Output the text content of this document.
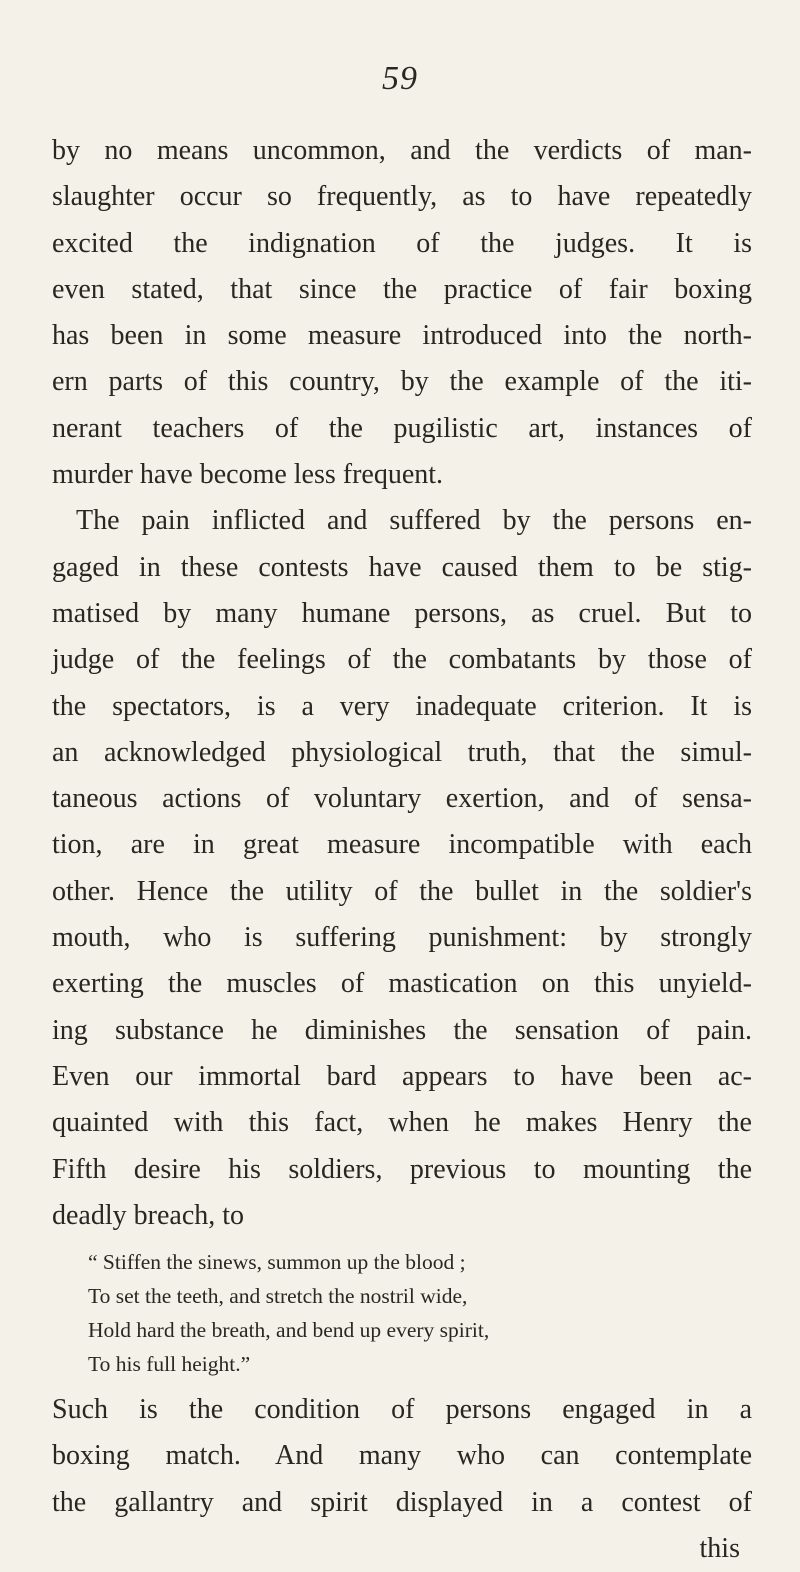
59
by no means uncommon, and the verdicts of man-
slaughter occur so frequently, as to have repeatedly
excited the indignation of the judges. It is
even stated, that since the practice of fair boxing
has been in some measure introduced into the north-
ern parts of this country, by the example of the iti-
nerant teachers of the pugilistic art, instances of
murder have become less frequent.
The pain inflicted and suffered by the persons en-
gaged in these contests have caused them to be stig-
matised by many humane persons, as cruel. But to
judge of the feelings of the combatants by those of
the spectators, is a very inadequate criterion. It is
an acknowledged physiological truth, that the simul-
taneous actions of voluntary exertion, and of sensa-
tion, are in great measure incompatible with each
other. Hence the utility of the bullet in the soldier's
mouth, who is suffering punishment: by strongly
exerting the muscles of mastication on this unyield-
ing substance he diminishes the sensation of pain.
Even our immortal bard appears to have been ac-
quainted with this fact, when he makes Henry the
Fifth desire his soldiers, previous to mounting the
deadly breach, to
“ Stiffen the sinews, summon up the blood ;
To set the teeth, and stretch the nostril wide,
Hold hard the breath, and bend up every spirit,
To his full height.”
Such is the condition of persons engaged in a
boxing match. And many who can contemplate
the gallantry and spirit displayed in a contest of
this
